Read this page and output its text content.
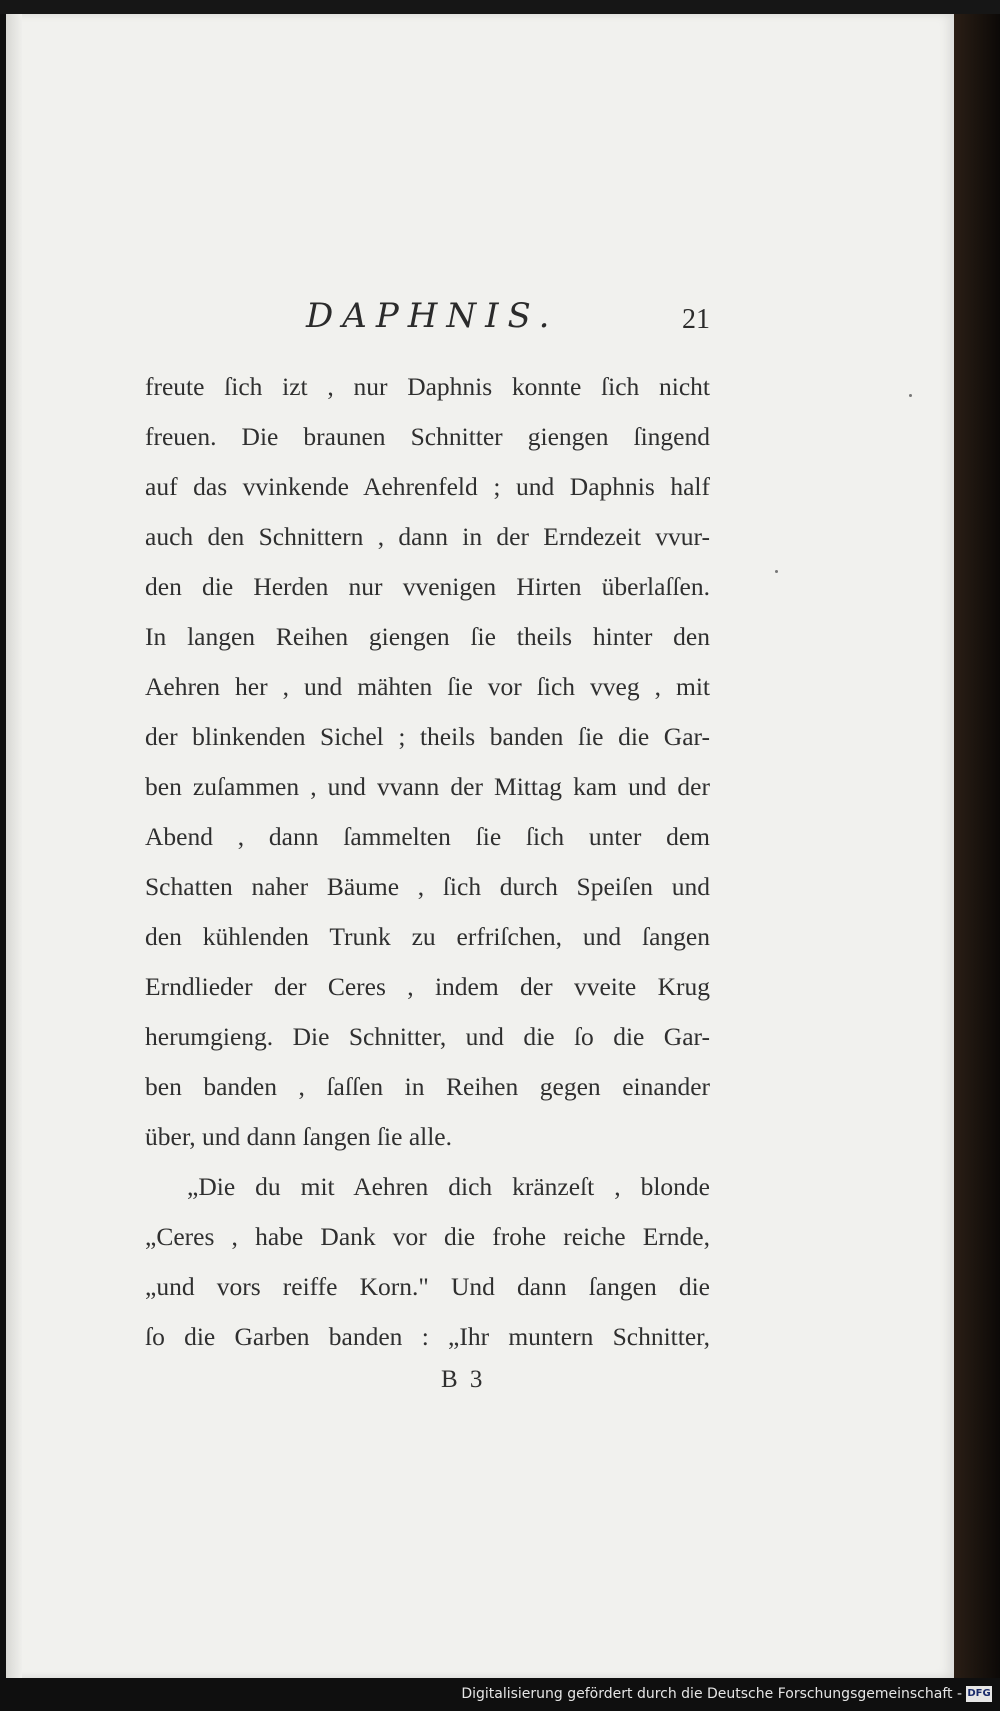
DAPHNIS.	21
freute ſich izt , nur Daphnis konnte ſich nicht
freuen. Die braunen Schnitter giengen ſingend
auf das vvinkende Aehrenfeld ; und Daphnis half
auch den Schnittern , dann in der Erndezeit vvur-
den die Herden nur vvenigen Hirten überlaſſen.
In langen Reihen giengen ſie theils hinter den
Aehren her , und mähten ſie vor ſich vveg , mit
der blinkenden Sichel ; theils banden ſie die Gar-
ben zuſammen , und vvann der Mittag kam und der
Abend , dann ſammelten ſie ſich unter dem
Schatten naher Bäume , ſich durch Speiſen und
den kühlenden Trunk zu erfriſchen, und ſangen
Erndlieder der Ceres , indem der vveite Krug
herumgieng. Die Schnitter, und die ſo die Gar-
ben banden , ſaſſen in Reihen gegen einander
über, und dann ſangen ſie alle.
„Die du mit Aehren dich kränzeſt , blonde
„Ceres , habe Dank vor die frohe reiche Ernde,
„und vors reiffe Korn." Und dann ſangen die
ſo die Garben banden : „Ihr muntern Schnitter,
B 3
Digitalisierung gefördert durch die Deutsche Forschungsgemeinschaft - DFG
